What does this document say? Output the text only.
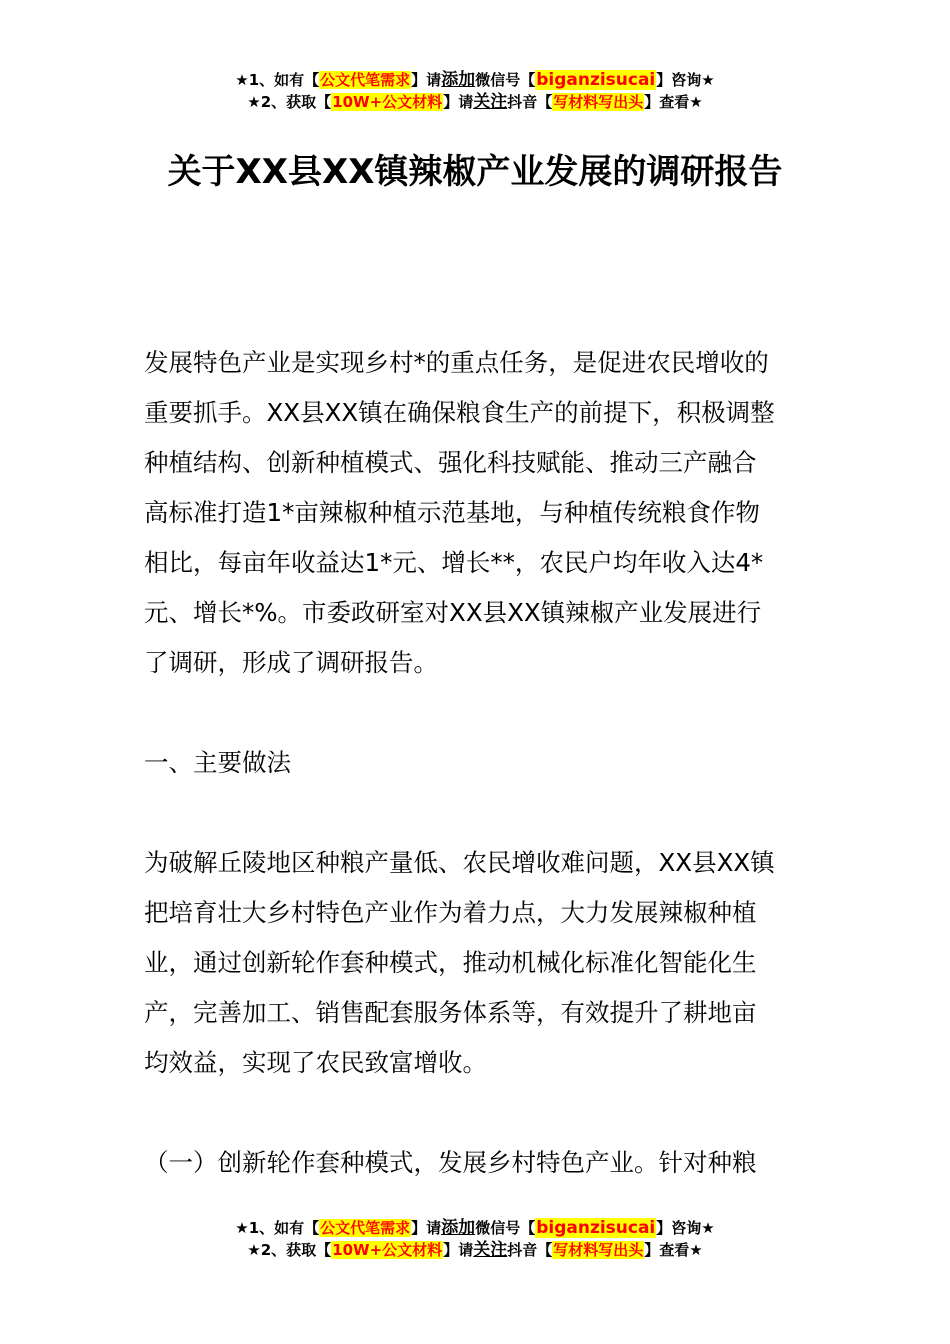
★1、如有【公文代笔需求】请添加微信号【biganzisucai】咨询★
★2、获取【10W+公文材料】请关注抖音【写材料写出头】查看★
关于XX县XX镇辣椒产业发展的调研报告
发展特色产业是实现乡村*的重点任务，是促进农民增收的
重要抓手。XX县XX镇在确保粮食生产的前提下，积极调整
种植结构、创新种植模式、强化科技赋能、推动三产融合
高标准打造1*亩辣椒种植示范基地，与种植传统粮食作物
相比，每亩年收益达1*元、增长**，农民户均年收入达4*
元、增长*%。市委政研室对XX县XX镇辣椒产业发展进行
了调研，形成了调研报告。
一、主要做法
为破解丘陵地区种粮产量低、农民增收难问题，XX县XX镇
把培育壮大乡村特色产业作为着力点，大力发展辣椒种植
业，通过创新轮作套种模式，推动机械化标准化智能化生
产，完善加工、销售配套服务体系等，有效提升了耕地亩
均效益，实现了农民致富增收。
（一）创新轮作套种模式，发展乡村特色产业。针对种粮
★1、如有【公文代笔需求】请添加微信号【biganzisucai】咨询★
★2、获取【10W+公文材料】请关注抖音【写材料写出头】查看★
